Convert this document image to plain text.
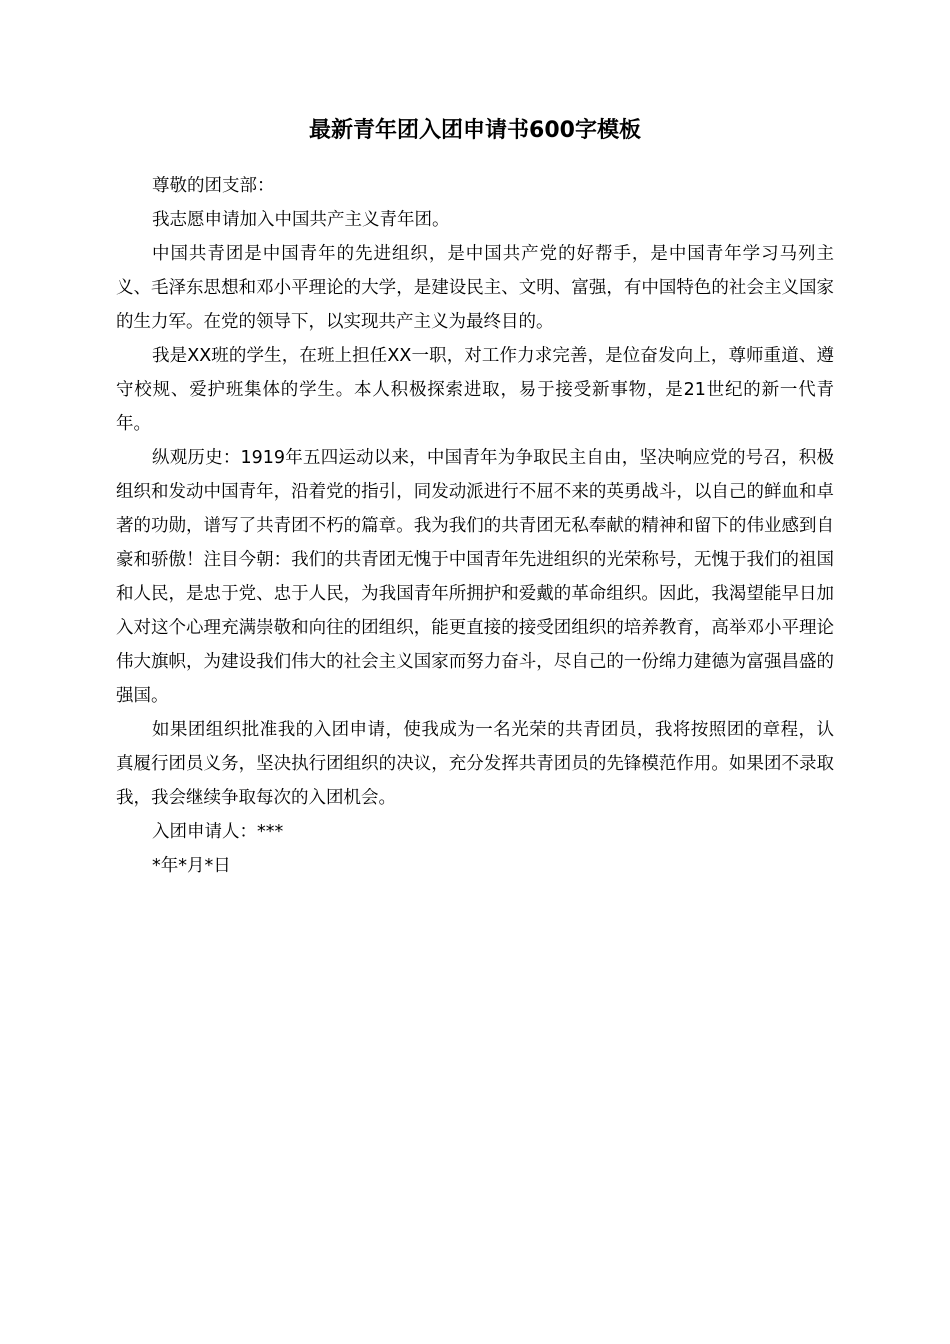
最新青年团入团申请书600字模板

尊敬的团支部：

我志愿申请加入中国共产主义青年团。

中国共青团是中国青年的先进组织，是中国共产党的好帮手，是中国青年学习马列主义、毛泽东思想和邓小平理论的大学，是建设民主、文明、富强，有中国特色的社会主义国家的生力军。在党的领导下，以实现共产主义为最终目的。

我是XX班的学生，在班上担任XX一职，对工作力求完善，是位奋发向上，尊师重道、遵守校规、爱护班集体的学生。本人积极探索进取，易于接受新事物，是21世纪的新一代青年。

纵观历史：1919年五四运动以来，中国青年为争取民主自由，坚决响应党的号召，积极组织和发动中国青年，沿着党的指引，同发动派进行不屈不来的英勇战斗，以自己的鲜血和卓著的功勋，谱写了共青团不朽的篇章。我为我们的共青团无私奉献的精神和留下的伟业感到自豪和骄傲！注目今朝：我们的共青团无愧于中国青年先进组织的光荣称号，无愧于我们的祖国和人民，是忠于党、忠于人民，为我国青年所拥护和爱戴的革命组织。因此，我渴望能早日加入对这个心理充满崇敬和向往的团组织，能更直接的接受团组织的培养教育，高举邓小平理论伟大旗帜，为建设我们伟大的社会主义国家而努力奋斗，尽自己的一份绵力建德为富强昌盛的强国。

如果团组织批准我的入团申请，使我成为一名光荣的共青团员，我将按照团的章程，认真履行团员义务，坚决执行团组织的决议，充分发挥共青团员的先锋模范作用。如果团不录取我，我会继续争取每次的入团机会。

入团申请人：***

*年*月*日
